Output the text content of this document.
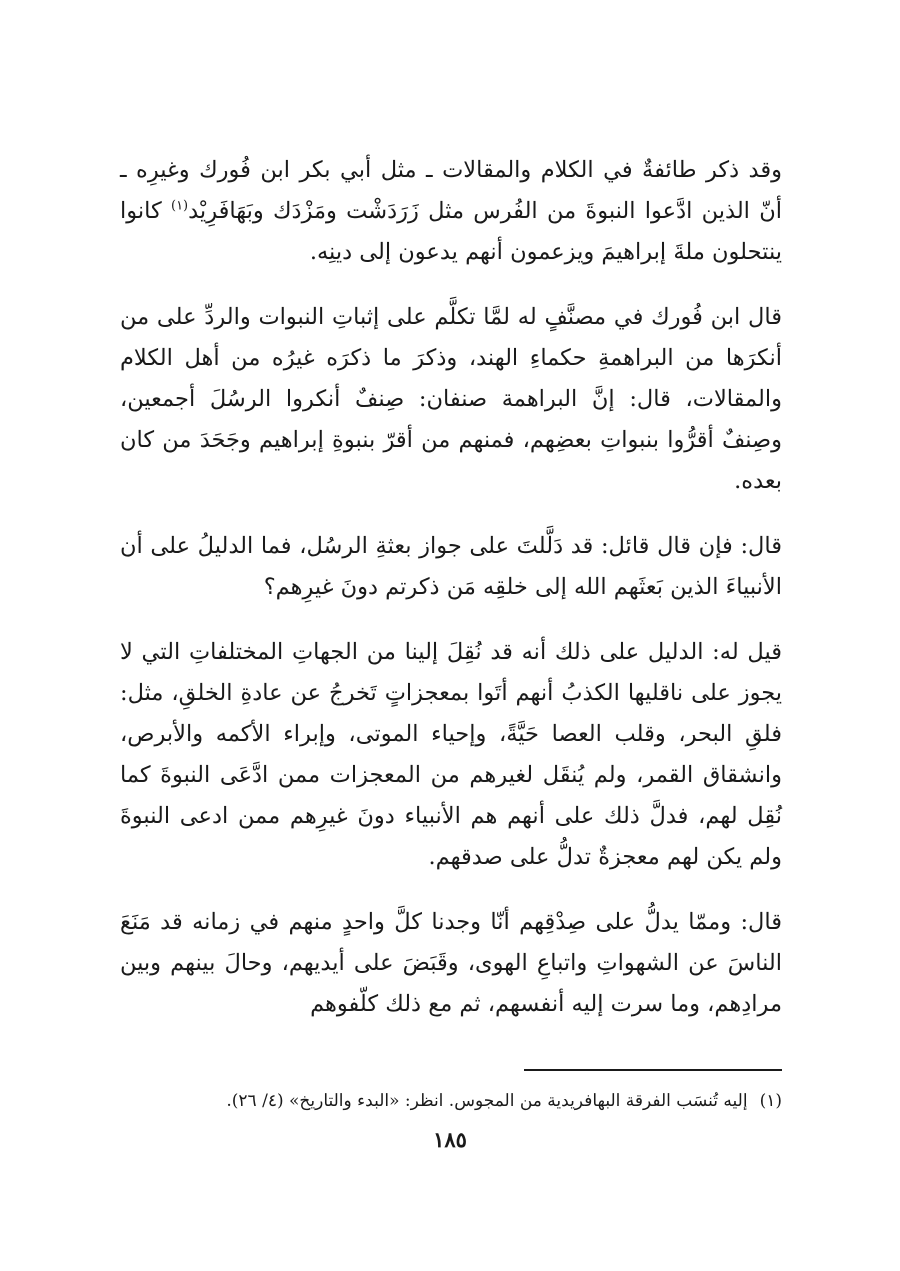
وقد ذكر طائفةٌ في الكلام والمقالات ـ مثل أبي بكر ابن فُورك وغيرِه ـ أنّ الذين ادَّعوا النبوةَ من الفُرس مثل زَرَدَشْت ومَزْدَك وبَهَافَرِيْد$^{(١)}$ كانوا ينتحلون ملةَ إبراهيمَ ويزعمون أنهم يدعون إلى دينِه.

قال ابن فُورك في مصنَّفٍ له لمَّا تكلَّم على إثباتِ النبوات والردِّ على من أنكرَها من البراهمةِ حكماءِ الهند، وذكرَ ما ذكرَه غيرُه من أهل الكلام والمقالات، قال: إنَّ البراهمة صنفان: صِنفٌ أنكروا الرسُلَ أجمعين، وصِنفٌ أقرُّوا بنبواتِ بعضِهم، فمنهم من أقرّ بنبوةِ إبراهيم وجَحَدَ من كان بعده.

قال: فإن قال قائل: قد دَلَّلتَ على جواز بعثةِ الرسُل، فما الدليلُ على أن الأنبياءَ الذين بَعثَهم الله إلى خلقِه مَن ذكرتم دونَ غيرِهم؟

قيل له: الدليل على ذلك أنه قد نُقِلَ إلينا من الجهاتِ المختلفاتِ التي لا يجوز على ناقليها الكذبُ أنهم أتَوا بمعجزاتٍ تَخرجُ عن عادةِ الخلقِ، مثل: فلقِ البحر، وقلب العصا حَيَّةً، وإحياء الموتى، وإبراء الأكمه والأبرص، وانشقاق القمر، ولم يُنقَل لغيرهم من المعجزات ممن ادَّعَى النبوةَ كما نُقِل لهم، فدلَّ ذلك على أنهم هم الأنبياء دونَ غيرِهم ممن ادعى النبوةَ ولم يكن لهم معجزةٌ تدلُّ على صدقهم.

قال: وممّا يدلُّ على صِدْقِهم أنّا وجدنا كلَّ واحدٍ منهم في زمانه قد مَنَعَ الناسَ عن الشهواتِ واتباعِ الهوى، وقَبَضَ على أيديهم، وحالَ بينهم وبين مرادِهم، وما سرت إليه أنفسهم، ثم مع ذلك كلّفوهم

(١)إليه تُنسَب الفرقة البهافريدية من المجوس. انظر: «البدء والتاريخ» (٤/ ٢٦).
١٨٥
